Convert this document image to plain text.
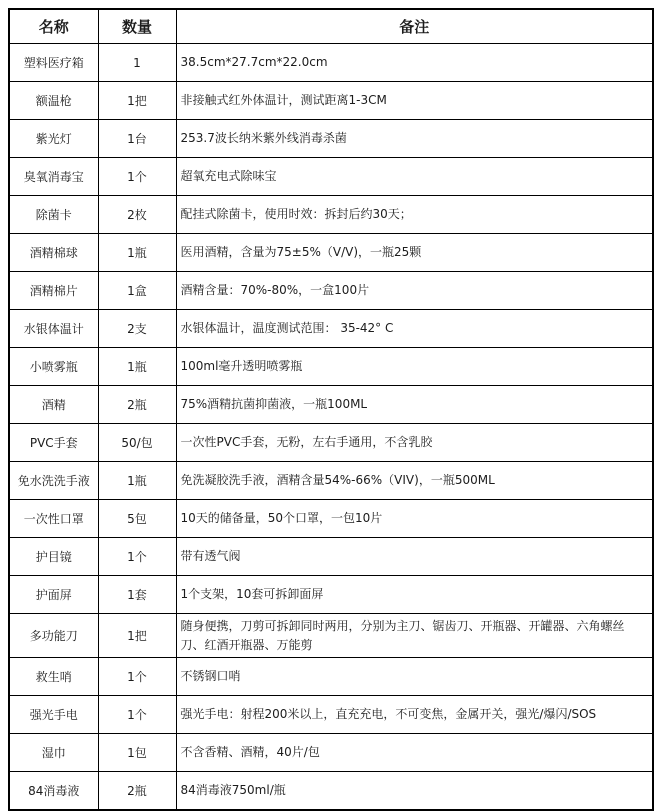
名称	数量	备注
塑料医疗箱	1	38.5cm*27.7cm*22.0cm
额温枪	1把	非接触式红外体温计，测试距离1-3CM
紫光灯	1台	253.7波长纳米紫外线消毒杀菌
臭氧消毒宝	1个	超氧充电式除味宝
除菌卡	2枚	配挂式除菌卡，使用时效：拆封后约30天；
酒精棉球	1瓶	医用酒精，含量为75±5%（V/V)，一瓶25颗
酒精棉片	1盒	酒精含量：70%-80%，一盒100片
水银体温计	2支	水银体温计，温度测试范围： 35-42° C
小喷雾瓶	1瓶	100ml毫升透明喷雾瓶
酒精	2瓶	75%酒精抗菌抑菌液，一瓶100ML
PVC手套	50/包	一次性PVC手套，无粉，左右手通用，不含乳胶
免水洗洗手液	1瓶	免洗凝胶洗手液，酒精含量54%-66%（VIV)，一瓶500ML
一次性口罩	5包	10天的储备量，50个口罩，一包10片
护目镜	1个	带有透气阀
护面屏	1套	1个支架，10套可拆卸面屏
多功能刀	1把	随身便携，刀剪可拆卸同时两用，分别为主刀、锯齿刀、开瓶器、开罐器、六角螺丝刀、红酒开瓶器、万能剪
救生哨	1个	不锈钢口哨
强光手电	1个	强光手电：射程200米以上，直充充电，不可变焦，金属开关，强光/爆闪/SOS
湿巾	1包	不含香精、酒精，40片/包
84消毒液	2瓶	84消毒液750ml/瓶
